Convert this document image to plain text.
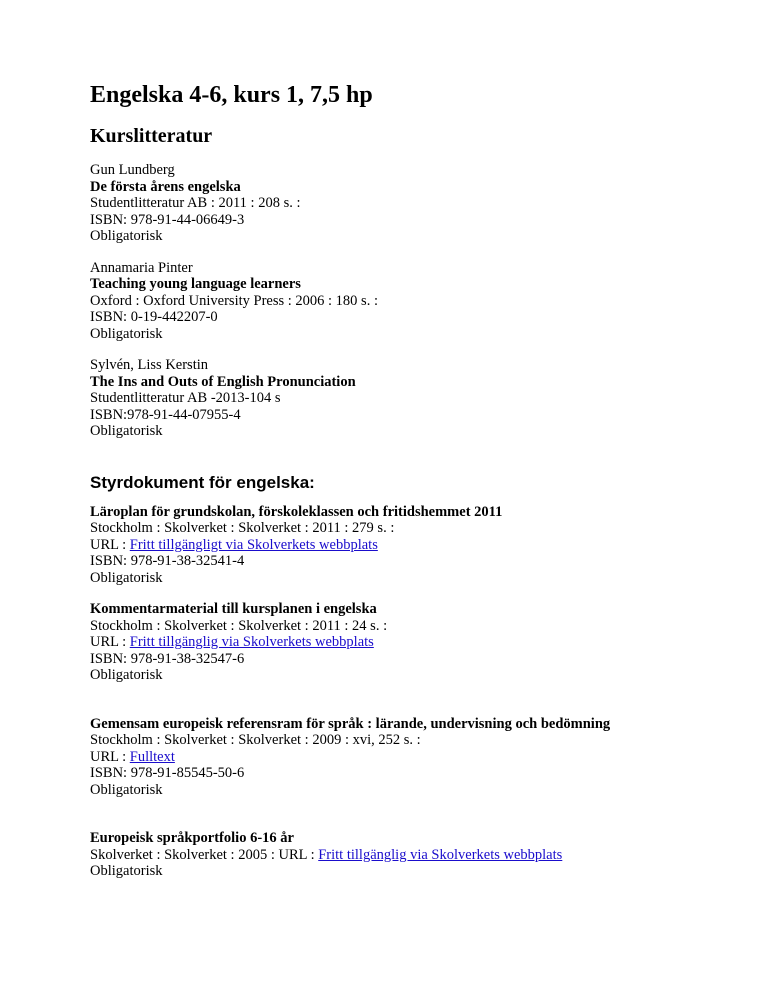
Engelska 4-6, kurs 1, 7,5 hp
Kurslitteratur
Gun Lundberg
De första årens engelska
Studentlitteratur AB : 2011 : 208 s. :
ISBN: 978-91-44-06649-3
Obligatorisk
Annamaria Pinter
Teaching young language learners
Oxford : Oxford University Press : 2006 : 180 s. :
ISBN: 0-19-442207-0
Obligatorisk
Sylvén, Liss Kerstin
The Ins and Outs of English Pronunciation
Studentlitteratur AB -2013-104 s
ISBN:978-91-44-07955-4
Obligatorisk
Styrdokument för engelska:
Läroplan för grundskolan, förskoleklassen och fritidshemmet 2011
Stockholm : Skolverket : Skolverket : 2011 : 279 s. :
URL : Fritt tillgängligt via Skolverkets webbplats
ISBN: 978-91-38-32541-4
Obligatorisk
Kommentarmaterial till kursplanen i engelska
Stockholm : Skolverket : Skolverket : 2011 : 24 s. :
URL : Fritt tillgänglig via Skolverkets webbplats
ISBN: 978-91-38-32547-6
Obligatorisk
Gemensam europeisk referensram för språk : lärande, undervisning och bedömning
Stockholm : Skolverket : Skolverket : 2009 : xvi, 252 s. :
URL : Fulltext
ISBN: 978-91-85545-50-6
Obligatorisk
Europeisk språkportfolio 6-16 år
Skolverket : Skolverket : 2005 : URL : Fritt tillgänglig via Skolverkets webbplats
Obligatorisk
